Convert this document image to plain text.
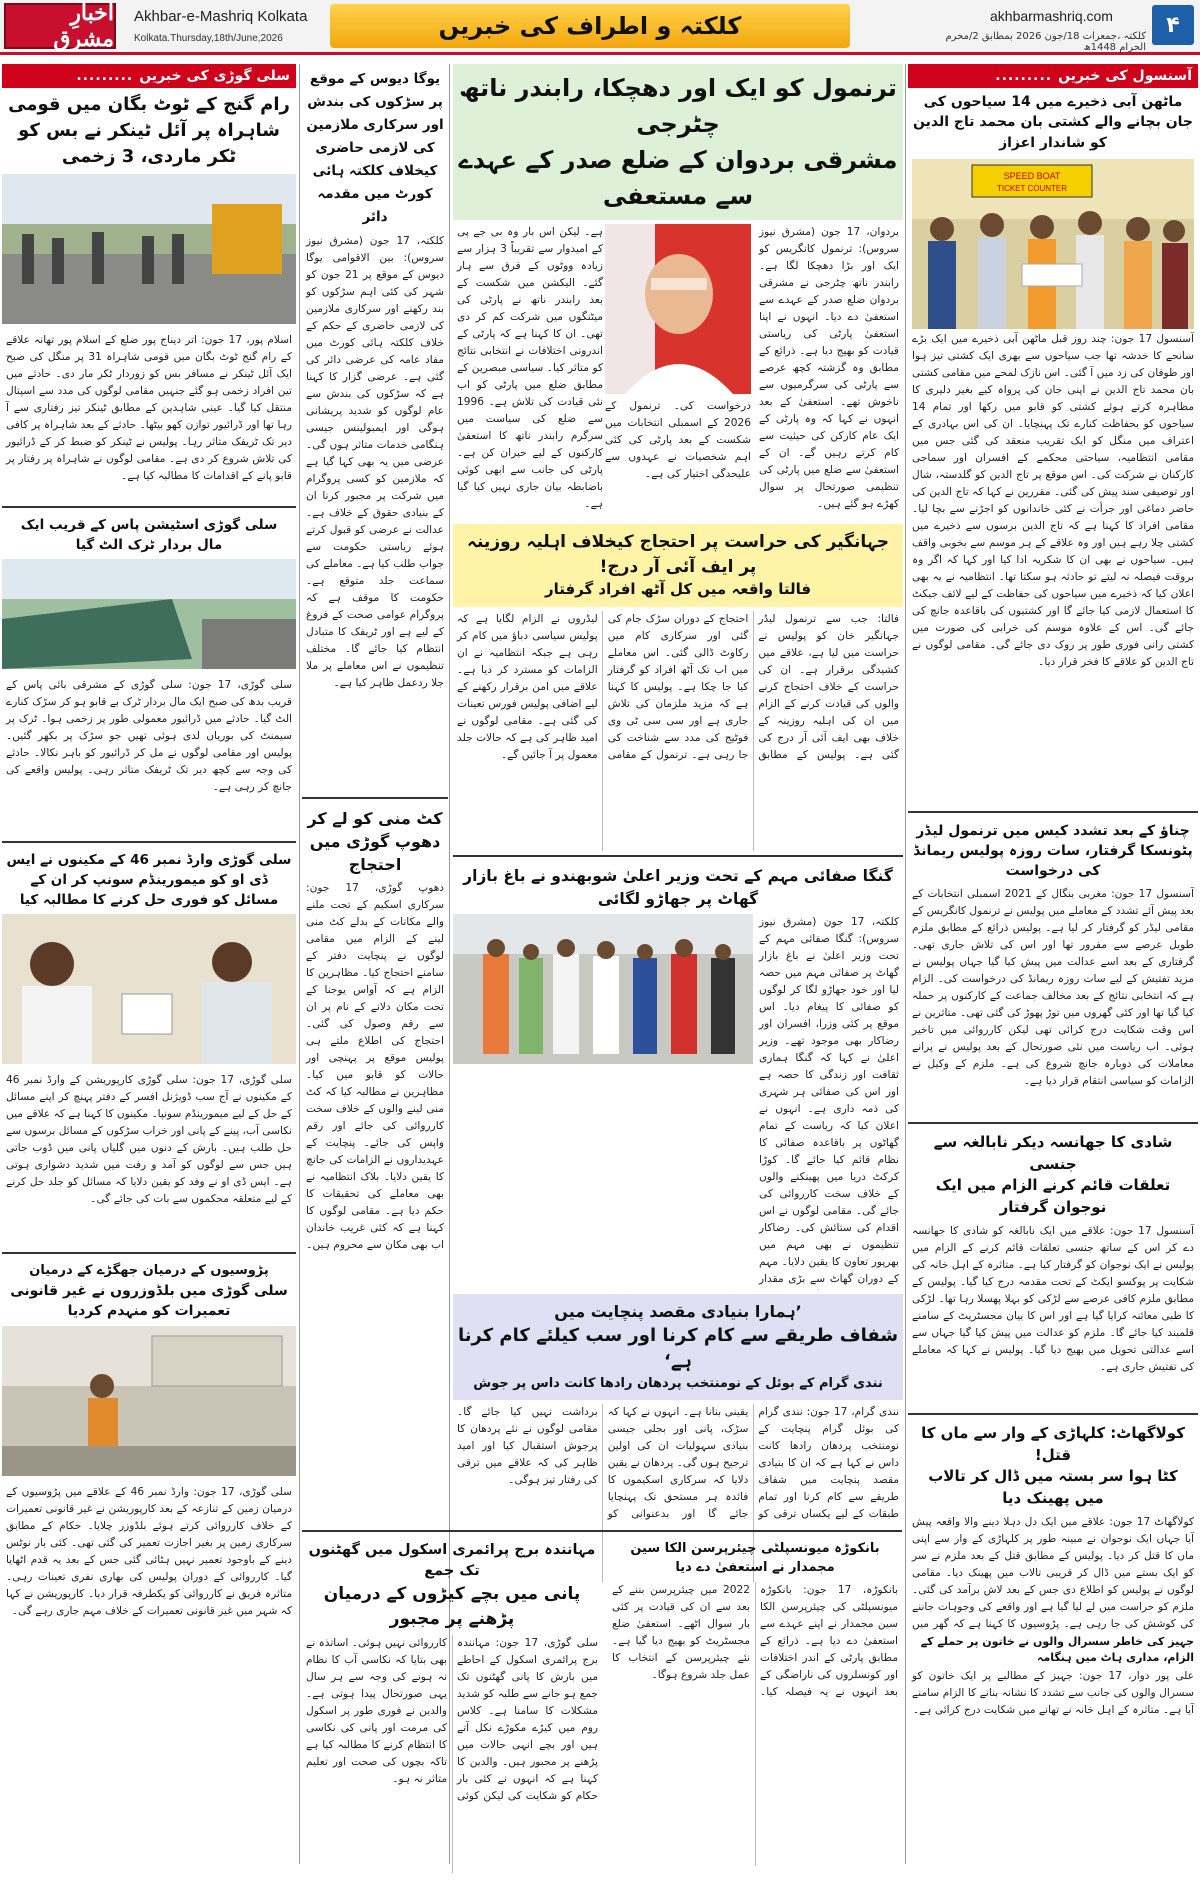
اخبارِ مشرق
Akhbar-e-Mashriq Kolkata
Kolkata.Thursday,18th/June,2026	کلکتہ و اطراف کی خبریں	akhbarmashriq.com
کلکتہ ،جمعرات 18/جون 2026 بمطابق 2/محرم الحرام 1448ھ
۴
آسنسول کی خبریں
.........
ماٹھن آبی ذخیرے میں 14 سیاحوں کی
جان بچانے والے کشتی بان محمد تاج الدین کو شاندار اعزاز
SPEED BOAT
TICKET COUNTER
آسنسول 17 جون: چند روز قبل ماٹھن آبی ذخیرے میں ایک بڑے سانحے کا خدشہ تھا جب سیاحوں سے بھری ایک کشتی تیز ہوا اور طوفان کی زد میں آ گئی۔ اس نازک لمحے میں مقامی کشتی بان محمد تاج الدین نے اپنی جان کی پرواہ کیے بغیر دلیری کا مظاہرہ کرتے ہوئے کشتی کو قابو میں رکھا اور تمام 14 سیاحوں کو بحفاظت کنارے تک پہنچایا۔ ان کی اس بہادری کے اعتراف میں منگل کو ایک تقریب منعقد کی گئی جس میں مقامی انتظامیہ، سیاحتی محکمے کے افسران اور سماجی کارکنان نے شرکت کی۔ اس موقع پر تاج الدین کو گلدستہ، شال اور توصیفی سند پیش کی گئی۔ مقررین نے کہا کہ تاج الدین کی حاضر دماغی اور جرأت نے کئی خاندانوں کو اجڑنے سے بچا لیا۔ مقامی افراد کا کہنا ہے کہ تاج الدین برسوں سے ذخیرے میں کشتی چلا رہے ہیں اور وہ علاقے کے ہر موسم سے بخوبی واقف ہیں۔ سیاحوں نے بھی ان کا شکریہ ادا کیا اور کہا کہ اگر وہ بروقت فیصلہ نہ لیتے تو حادثہ ہو سکتا تھا۔ انتظامیہ نے یہ بھی اعلان کیا کہ ذخیرے میں سیاحوں کی حفاظت کے لیے لائف جیکٹ کا استعمال لازمی کیا جائے گا اور کشتیوں کی باقاعدہ جانچ کی جائے گی۔ اس کے علاوہ موسم کی خرابی کی صورت میں کشتی رانی فوری طور پر روک دی جائے گی۔ مقامی لوگوں نے تاج الدین کو علاقے کا فخر قرار دیا۔
چناؤ کے بعد تشدد کیس میں ترنمول لیڈر
پٹونسکا گرفتار، سات روزہ پولیس ریمانڈ کی درخواست
آسنسول 17 جون: مغربی بنگال کے 2021 اسمبلی انتخابات کے بعد پیش آئے تشدد کے معاملے میں پولیس نے ترنمول کانگریس کے مقامی لیڈر کو گرفتار کر لیا ہے۔ پولیس ذرائع کے مطابق ملزم طویل عرصے سے مفرور تھا اور اس کی تلاش جاری تھی۔ گرفتاری کے بعد اسے عدالت میں پیش کیا گیا جہاں پولیس نے مزید تفتیش کے لیے سات روزہ ریمانڈ کی درخواست کی۔ الزام ہے کہ انتخابی نتائج کے بعد مخالف جماعت کے کارکنوں پر حملہ کیا گیا تھا اور کئی گھروں میں توڑ پھوڑ کی گئی تھی۔ متاثرین نے اس وقت شکایت درج کرائی تھی لیکن کارروائی میں تاخیر ہوئی۔ اب ریاست میں نئی صورتحال کے بعد پولیس نے پرانے معاملات کی دوبارہ جانچ شروع کی ہے۔ ملزم کے وکیل نے الزامات کو سیاسی انتقام قرار دیا ہے۔
شادی کا جھانسہ دیکر نابالغہ سے جنسی
تعلقات قائم کرنے الزام میں ایک نوجوان گرفتار
آسنسول 17 جون: علاقے میں ایک نابالغہ کو شادی کا جھانسہ دے کر اس کے ساتھ جنسی تعلقات قائم کرنے کے الزام میں پولیس نے ایک نوجوان کو گرفتار کیا ہے۔ متاثرہ کے اہل خانہ کی شکایت پر پوکسو ایکٹ کے تحت مقدمہ درج کیا گیا۔ پولیس کے مطابق ملزم کافی عرصے سے لڑکی کو بہلا پھسلا رہا تھا۔ لڑکی کا طبی معائنہ کرایا گیا ہے اور اس کا بیان مجسٹریٹ کے سامنے قلمبند کیا جائے گا۔ ملزم کو عدالت میں پیش کیا گیا جہاں سے اسے عدالتی تحویل میں بھیج دیا گیا۔ پولیس نے کہا کہ معاملے کی تفتیش جاری ہے۔
کولاگھاٹ: کلہاڑی کے وار سے ماں کا قتل!
کٹا ہوا سر بستہ میں ڈال کر تالاب میں پھینک دیا
کولاگھاٹ 17 جون: علاقے میں ایک دل دہلا دینے والا واقعہ پیش آیا جہاں ایک نوجوان نے مبینہ طور پر کلہاڑی کے وار سے اپنی ماں کا قتل کر دیا۔ پولیس کے مطابق قتل کے بعد ملزم نے سر کو ایک بستے میں ڈال کر قریبی تالاب میں پھینک دیا۔ مقامی لوگوں نے پولیس کو اطلاع دی جس کے بعد لاش برآمد کی گئی۔ ملزم کو حراست میں لے لیا گیا ہے اور واقعے کی وجوہات جاننے کی کوشش کی جا رہی ہے۔ پڑوسیوں کا کہنا ہے کہ گھر میں
جہیز کی خاطر سسرال والوں نے خاتون پر حملے کے الزام، مداری ہاٹ میں ہنگامہ
علی پور دوار، 17 جون: جہیز کے مطالبے پر ایک خاتون کو سسرال والوں کی جانب سے تشدد کا نشانہ بنانے کا الزام سامنے آیا ہے۔ متاثرہ کے اہل خانہ نے تھانے میں شکایت درج کرائی ہے۔
ترنمول کو ایک اور دھچکا، رابندر ناتھ چٹرجی
مشرقی بردوان کے ضلع صدر کے عہدے سے مستعفی
بردوان، 17 جون (مشرق نیوز سروس): ترنمول کانگریس کو ایک اور بڑا دھچکا لگا ہے۔ رابندر ناتھ چٹرجی نے مشرقی بردوان ضلع صدر کے عہدے سے استعفیٰ دے دیا۔ انہوں نے اپنا استعفیٰ پارٹی کی ریاستی قیادت کو بھیج دیا ہے۔ ذرائع کے مطابق وہ گزشتہ کچھ عرصے سے پارٹی کی سرگرمیوں سے ناخوش تھے۔ استعفیٰ کے بعد انہوں نے کہا کہ وہ پارٹی کے ایک عام کارکن کی حیثیت سے کام کرتے رہیں گے۔ ان کے استعفیٰ سے ضلع میں پارٹی کی تنظیمی صورتحال پر سوال کھڑے ہو گئے ہیں۔
درخواست کی۔ ترنمول کے 2026 کے اسمبلی انتخابات میں شکست کے بعد پارٹی کی کئی اہم شخصیات نے عہدوں سے علیحدگی اختیار کی ہے۔
ہے۔ لیکن اس بار وہ بی جے پی کے امیدوار سے تقریباً 3 ہزار سے زیادہ ووٹوں کے فرق سے ہار گئے۔ الیکشن میں شکست کے بعد رابندر ناتھ نے پارٹی کی میٹنگوں میں شرکت کم کر دی تھی۔ ان کا کہنا ہے کہ پارٹی کے اندرونی اختلافات نے انتخابی نتائج کو متاثر کیا۔ سیاسی مبصرین کے مطابق ضلع میں پارٹی کو اب نئی قیادت کی تلاش ہے۔ 1996 سے ضلع کی سیاست میں سرگرم رابندر ناتھ کا استعفیٰ کارکنوں کے لیے حیران کن ہے۔ پارٹی کی جانب سے ابھی کوئی باضابطہ بیان جاری نہیں کیا گیا ہے۔
جہانگیر کی حراست پر احتجاج کیخلاف اہلیہ روزینہ پر ایف آئی آر درج!
فالتا واقعہ میں کل آٹھ افراد گرفتار
فالتا: جب سے ترنمول لیڈر جہانگیر خان کو پولیس نے حراست میں لیا ہے، علاقے میں کشیدگی برقرار ہے۔ ان کی حراست کے خلاف احتجاج کرنے والوں کی قیادت کرنے کے الزام میں ان کی اہلیہ روزینہ کے خلاف بھی ایف آئی آر درج کی گئی ہے۔ پولیس کے مطابق احتجاج کے دوران سڑک جام کی گئی اور سرکاری کام میں رکاوٹ ڈالی گئی۔ اس معاملے میں اب تک آٹھ افراد کو گرفتار کیا جا چکا ہے۔ پولیس کا کہنا ہے کہ مزید ملزمان کی تلاش جاری ہے اور سی سی ٹی وی فوٹیج کی مدد سے شناخت کی جا رہی ہے۔ ترنمول کے مقامی لیڈروں نے الزام لگایا ہے کہ پولیس سیاسی دباؤ میں کام کر رہی ہے جبکہ انتظامیہ نے ان الزامات کو مسترد کر دیا ہے۔ علاقے میں امن برقرار رکھنے کے لیے اضافی پولیس فورس تعینات کی گئی ہے۔ مقامی لوگوں نے امید ظاہر کی ہے کہ حالات جلد معمول پر آ جائیں گے۔
گنگا صفائی مہم کے تحت وزیر اعلیٰ شوبھندو نے باغ بازار گھاٹ پر جھاڑو لگائی
کلکتہ، 17 جون (مشرق نیوز سروس): گنگا صفائی مہم کے تحت وزیر اعلیٰ نے باغ بازار گھاٹ پر صفائی مہم میں حصہ لیا اور خود جھاڑو لگا کر لوگوں کو صفائی کا پیغام دیا۔ اس موقع پر کئی وزرا، افسران اور رضاکار بھی موجود تھے۔ وزیر اعلیٰ نے کہا کہ گنگا ہماری ثقافت اور زندگی کا حصہ ہے اور اس کی صفائی ہر شہری کی ذمہ داری ہے۔ انہوں نے اعلان کیا کہ ریاست کے تمام گھاٹوں پر باقاعدہ صفائی کا نظام قائم کیا جائے گا۔ کوڑا کرکٹ دریا میں پھینکنے والوں کے خلاف سخت کارروائی کی جائے گی۔ مقامی لوگوں نے اس اقدام کی ستائش کی۔ رضاکار تنظیموں نے بھی مہم میں بھرپور تعاون کا یقین دلایا۔ مہم کے دوران گھاٹ سے بڑی مقدار
’ہمارا بنیادی مقصد پنچایت میں
شفاف طریقے سے کام کرنا اور سب کیلئے کام کرنا ہے‘
نندی گرام کے بوئل کے نومنتخب پردھان رادھا کانت داس پر جوش
نندی گرام، 17 جون: نندی گرام کی بوئل گرام پنچایت کے نومنتخب پردھان رادھا کانت داس نے کہا ہے کہ ان کا بنیادی مقصد پنچایت میں شفاف طریقے سے کام کرنا اور تمام طبقات کے لیے یکساں ترقی کو یقینی بنانا ہے۔ انہوں نے کہا کہ سڑک، پانی اور بجلی جیسی بنیادی سہولیات ان کی اولین ترجیح ہوں گی۔ پردھان نے یقین دلایا کہ سرکاری اسکیموں کا فائدہ ہر مستحق تک پہنچایا جائے گا اور بدعنوانی کو برداشت نہیں کیا جائے گا۔ مقامی لوگوں نے نئے پردھان کا پرجوش استقبال کیا اور امید ظاہر کی کہ علاقے میں ترقی کی رفتار تیز ہوگی۔
یوگا دیوس کے موقع پر سڑکوں کی بندش اور سرکاری ملازمین کی لازمی حاضری کیخلاف کلکتہ ہائی کورٹ میں مقدمہ دائر
کلکتہ، 17 جون (مشرق نیوز سروس): بین الاقوامی یوگا دیوس کے موقع پر 21 جون کو شہر کی کئی اہم سڑکوں کو بند رکھنے اور سرکاری ملازمین کی لازمی حاضری کے حکم کے خلاف کلکتہ ہائی کورٹ میں مفاد عامہ کی عرضی دائر کی گئی ہے۔ عرضی گزار کا کہنا ہے کہ سڑکوں کی بندش سے عام لوگوں کو شدید پریشانی ہوگی اور ایمبولینس جیسی ہنگامی خدمات متاثر ہوں گی۔ عرضی میں یہ بھی کہا گیا ہے کہ ملازمین کو کسی پروگرام میں شرکت پر مجبور کرنا ان کے بنیادی حقوق کے خلاف ہے۔ عدالت نے عرضی کو قبول کرتے ہوئے ریاستی حکومت سے جواب طلب کیا ہے۔ معاملے کی سماعت جلد متوقع ہے۔ حکومت کا موقف ہے کہ پروگرام عوامی صحت کے فروغ کے لیے ہے اور ٹریفک کا متبادل انتظام کیا جائے گا۔ مختلف تنظیموں نے اس معاملے پر ملا جلا ردعمل ظاہر کیا ہے۔
کٹ منی کو لے کر دھوپ گوڑی میں احتجاج
دھوپ گوڑی، 17 جون: سرکاری اسکیم کے تحت ملنے والے مکانات کے بدلے کٹ منی لینے کے الزام میں مقامی لوگوں نے پنچایت دفتر کے سامنے احتجاج کیا۔ مظاہرین کا الزام ہے کہ آواس یوجنا کے تحت مکان دلانے کے نام پر ان سے رقم وصول کی گئی۔ احتجاج کی اطلاع ملتے ہی پولیس موقع پر پہنچی اور حالات کو قابو میں کیا۔ مظاہرین نے مطالبہ کیا کہ کٹ منی لینے والوں کے خلاف سخت کارروائی کی جائے اور رقم واپس کی جائے۔ پنچایت کے عہدیداروں نے الزامات کی جانچ کا یقین دلایا۔ بلاک انتظامیہ نے بھی معاملے کی تحقیقات کا حکم دیا ہے۔ مقامی لوگوں کا کہنا ہے کہ کئی غریب خاندان اب بھی مکان سے محروم ہیں۔
سلی گوڑی کی خبریں
.........
رام گنج کے ٹوٹ بگان میں قومی شاہراہ پر آئل ٹینکر نے بس کو ٹکر ماردی، 3 زخمی
اسلام پور، 17 جون: اتر دیناج پور ضلع کے اسلام پور تھانہ علاقے کے رام گنج ٹوٹ بگان میں قومی شاہراہ 31 پر منگل کی صبح ایک آئل ٹینکر نے مسافر بس کو زوردار ٹکر مار دی۔ حادثے میں تین افراد زخمی ہو گئے جنہیں مقامی لوگوں کی مدد سے اسپتال منتقل کیا گیا۔ عینی شاہدین کے مطابق ٹینکر تیز رفتاری سے آ رہا تھا اور ڈرائیور توازن کھو بیٹھا۔ حادثے کے بعد شاہراہ پر کافی دیر تک ٹریفک متاثر رہا۔ پولیس نے ٹینکر کو ضبط کر کے ڈرائیور کی تلاش شروع کر دی ہے۔ مقامی لوگوں نے شاہراہ پر رفتار پر قابو پانے کے اقدامات کا مطالبہ کیا ہے۔
سلی گوڑی اسٹیشن پاس کے قریب ایک مال بردار ٹرک الٹ گیا
سلی گوڑی، 17 جون: سلی گوڑی کے مشرقی بائی پاس کے قریب بدھ کی صبح ایک مال بردار ٹرک بے قابو ہو کر سڑک کنارے الٹ گیا۔ حادثے میں ڈرائیور معمولی طور پر زخمی ہوا۔ ٹرک پر سیمنٹ کی بوریاں لدی ہوئی تھیں جو سڑک پر بکھر گئیں۔ پولیس اور مقامی لوگوں نے مل کر ڈرائیور کو باہر نکالا۔ حادثے کی وجہ سے کچھ دیر تک ٹریفک متاثر رہی۔ پولیس واقعے کی جانچ کر رہی ہے۔
سلی گوڑی وارڈ نمبر 46 کے مکینوں نے ایس ڈی او کو میمورینڈم سونپ کر ان کے مسائل کو فوری حل کرنے کا مطالبہ کیا
سلی گوڑی، 17 جون: سلی گوڑی کارپوریشن کے وارڈ نمبر 46 کے مکینوں نے آج سب ڈویژنل افسر کے دفتر پہنچ کر اپنے مسائل کے حل کے لیے میمورینڈم سونپا۔ مکینوں کا کہنا ہے کہ علاقے میں نکاسی آب، پینے کے پانی اور خراب سڑکوں کے مسائل برسوں سے حل طلب ہیں۔ بارش کے دنوں میں گلیاں پانی میں ڈوب جاتی ہیں جس سے لوگوں کو آمد و رفت میں شدید دشواری ہوتی ہے۔ ایس ڈی او نے وفد کو یقین دلایا کہ مسائل کو جلد حل کرنے کے لیے متعلقہ محکموں سے بات کی جائے گی۔
پڑوسیوں کے درمیان جھگڑے کے درمیان
سلی گوڑی میں بلڈوزروں نے غیر قانونی تعمیرات کو منہدم کردیا
سلی گوڑی، 17 جون: وارڈ نمبر 46 کے علاقے میں پڑوسیوں کے درمیان زمین کے تنازعہ کے بعد کارپوریشن نے غیر قانونی تعمیرات کے خلاف کارروائی کرتے ہوئے بلڈوزر چلایا۔ حکام کے مطابق سرکاری زمین پر بغیر اجازت تعمیر کی گئی تھی۔ کئی بار نوٹس دینے کے باوجود تعمیر نہیں ہٹائی گئی جس کے بعد یہ قدم اٹھایا گیا۔ کارروائی کے دوران پولیس کی بھاری نفری تعینات رہی۔ متاثرہ فریق نے کارروائی کو یکطرفہ قرار دیا۔ کارپوریشن نے کہا کہ شہر میں غیر قانونی تعمیرات کے خلاف مہم جاری رہے گی۔
مہانندہ برج پرائمری اسکول میں گھٹنوں تک جمع
پانی میں بچے کیڑوں کے درمیان پڑھنے پر مجبور
سلی گوڑی، 17 جون: مہانندہ برج پرائمری اسکول کے احاطے میں بارش کا پانی گھٹنوں تک جمع ہو جانے سے طلبہ کو شدید مشکلات کا سامنا ہے۔ کلاس روم میں کیڑے مکوڑے نکل آتے ہیں اور بچے انہی حالات میں پڑھنے پر مجبور ہیں۔ والدین کا کہنا ہے کہ انہوں نے کئی بار حکام کو شکایت کی لیکن کوئی کارروائی نہیں ہوئی۔ اساتذہ نے بھی بتایا کہ نکاسی آب کا نظام نہ ہونے کی وجہ سے ہر سال یہی صورتحال پیدا ہوتی ہے۔ والدین نے فوری طور پر اسکول کی مرمت اور پانی کی نکاسی کا انتظام کرنے کا مطالبہ کیا ہے تاکہ بچوں کی صحت اور تعلیم متاثر نہ ہو۔
بانکوڑہ میونسپلٹی چیئرپرسن الکا سین مجمدار نے استعفیٰ دے دیا
بانکوڑہ، 17 جون: بانکوڑہ میونسپلٹی کی چیئرپرسن الکا سین مجمدار نے اپنے عہدے سے استعفیٰ دے دیا ہے۔ ذرائع کے مطابق پارٹی کے اندر اختلافات اور کونسلروں کی ناراضگی کے بعد انہوں نے یہ فیصلہ کیا۔ 2022 میں چیئرپرسن بننے کے بعد سے ان کی قیادت پر کئی بار سوال اٹھے۔ استعفیٰ ضلع مجسٹریٹ کو بھیج دیا گیا ہے۔ نئے چیئرپرسن کے انتخاب کا عمل جلد شروع ہوگا۔
